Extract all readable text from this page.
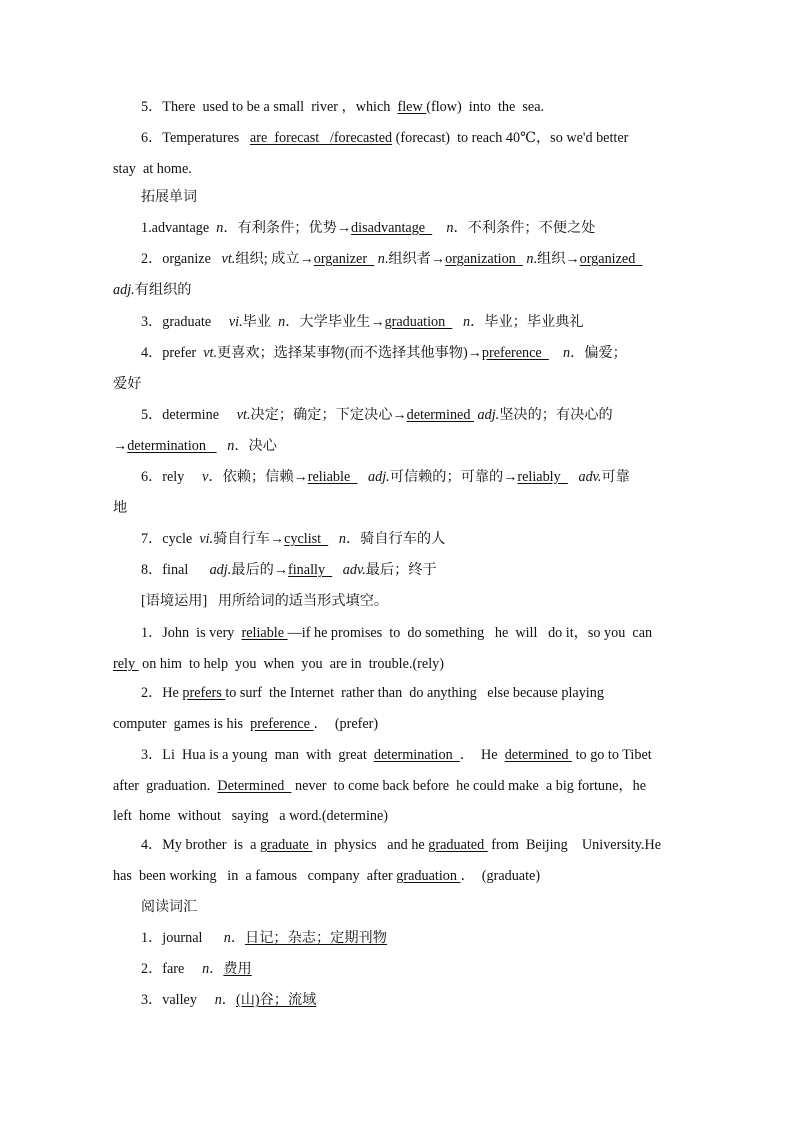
5．There  used to be a small  river ，which  flew (flow)  into  the  sea.
6．Temperatures   are  forecast   /forecasted (forecast)  to reach 40℃，so we'd better
stay  at home.
拓展单词
1.advantage  n．有利条件；优势→disadvantage      n．不利条件；不便之处
2．organize   vt.组织; 成立→organizer   n.组织者→organization   n.组织→organized
adj.有组织的
3．graduate     vi.毕业  n．大学毕业生→graduation     n．毕业；毕业典礼
4．prefer  vt.更喜欢；选择某事物(而不选择其他事物)→preference      n．偏爱；
爱好
5．determine     vt.决定；确定；下定决心→determined  adj.坚决的；有决心的
→determination      n．决心
6．rely     v．依赖；信赖→reliable     adj.可信赖的；可靠的→reliably     adv.可靠
地
7．cycle  vi.骑自行车→cyclist     n．骑自行车的人
8．final      adj.最后的→finally     adv.最后；终于
[语境运用]   用所给词的适当形式填空。
1．John  is very  reliable —if he promises  to  do something   he  will   do it，so you  can
rely  on him  to help  you  when  you  are in  trouble.(rely)
2．He prefers to surf  the Internet  rather than  do anything   else because playing
computer  games is his  preference ．  (prefer)
3．Li  Hua is a young  man  with  great  determination  ．  He  determined  to go to Tibet
after  graduation.  Determined   never  to come back before  he could make  a big fortune，he
left  home  without   saying   a word.(determine)
4．My brother  is  a graduate  in  physics   and he graduated  from  Beijing    University.He
has  been working   in  a famous   company  after graduation ．  (graduate)
阅读词汇
1．journal      n．日记；杂志；定期刊物
2．fare     n．费用
3．valley     n．(山)谷；流域
